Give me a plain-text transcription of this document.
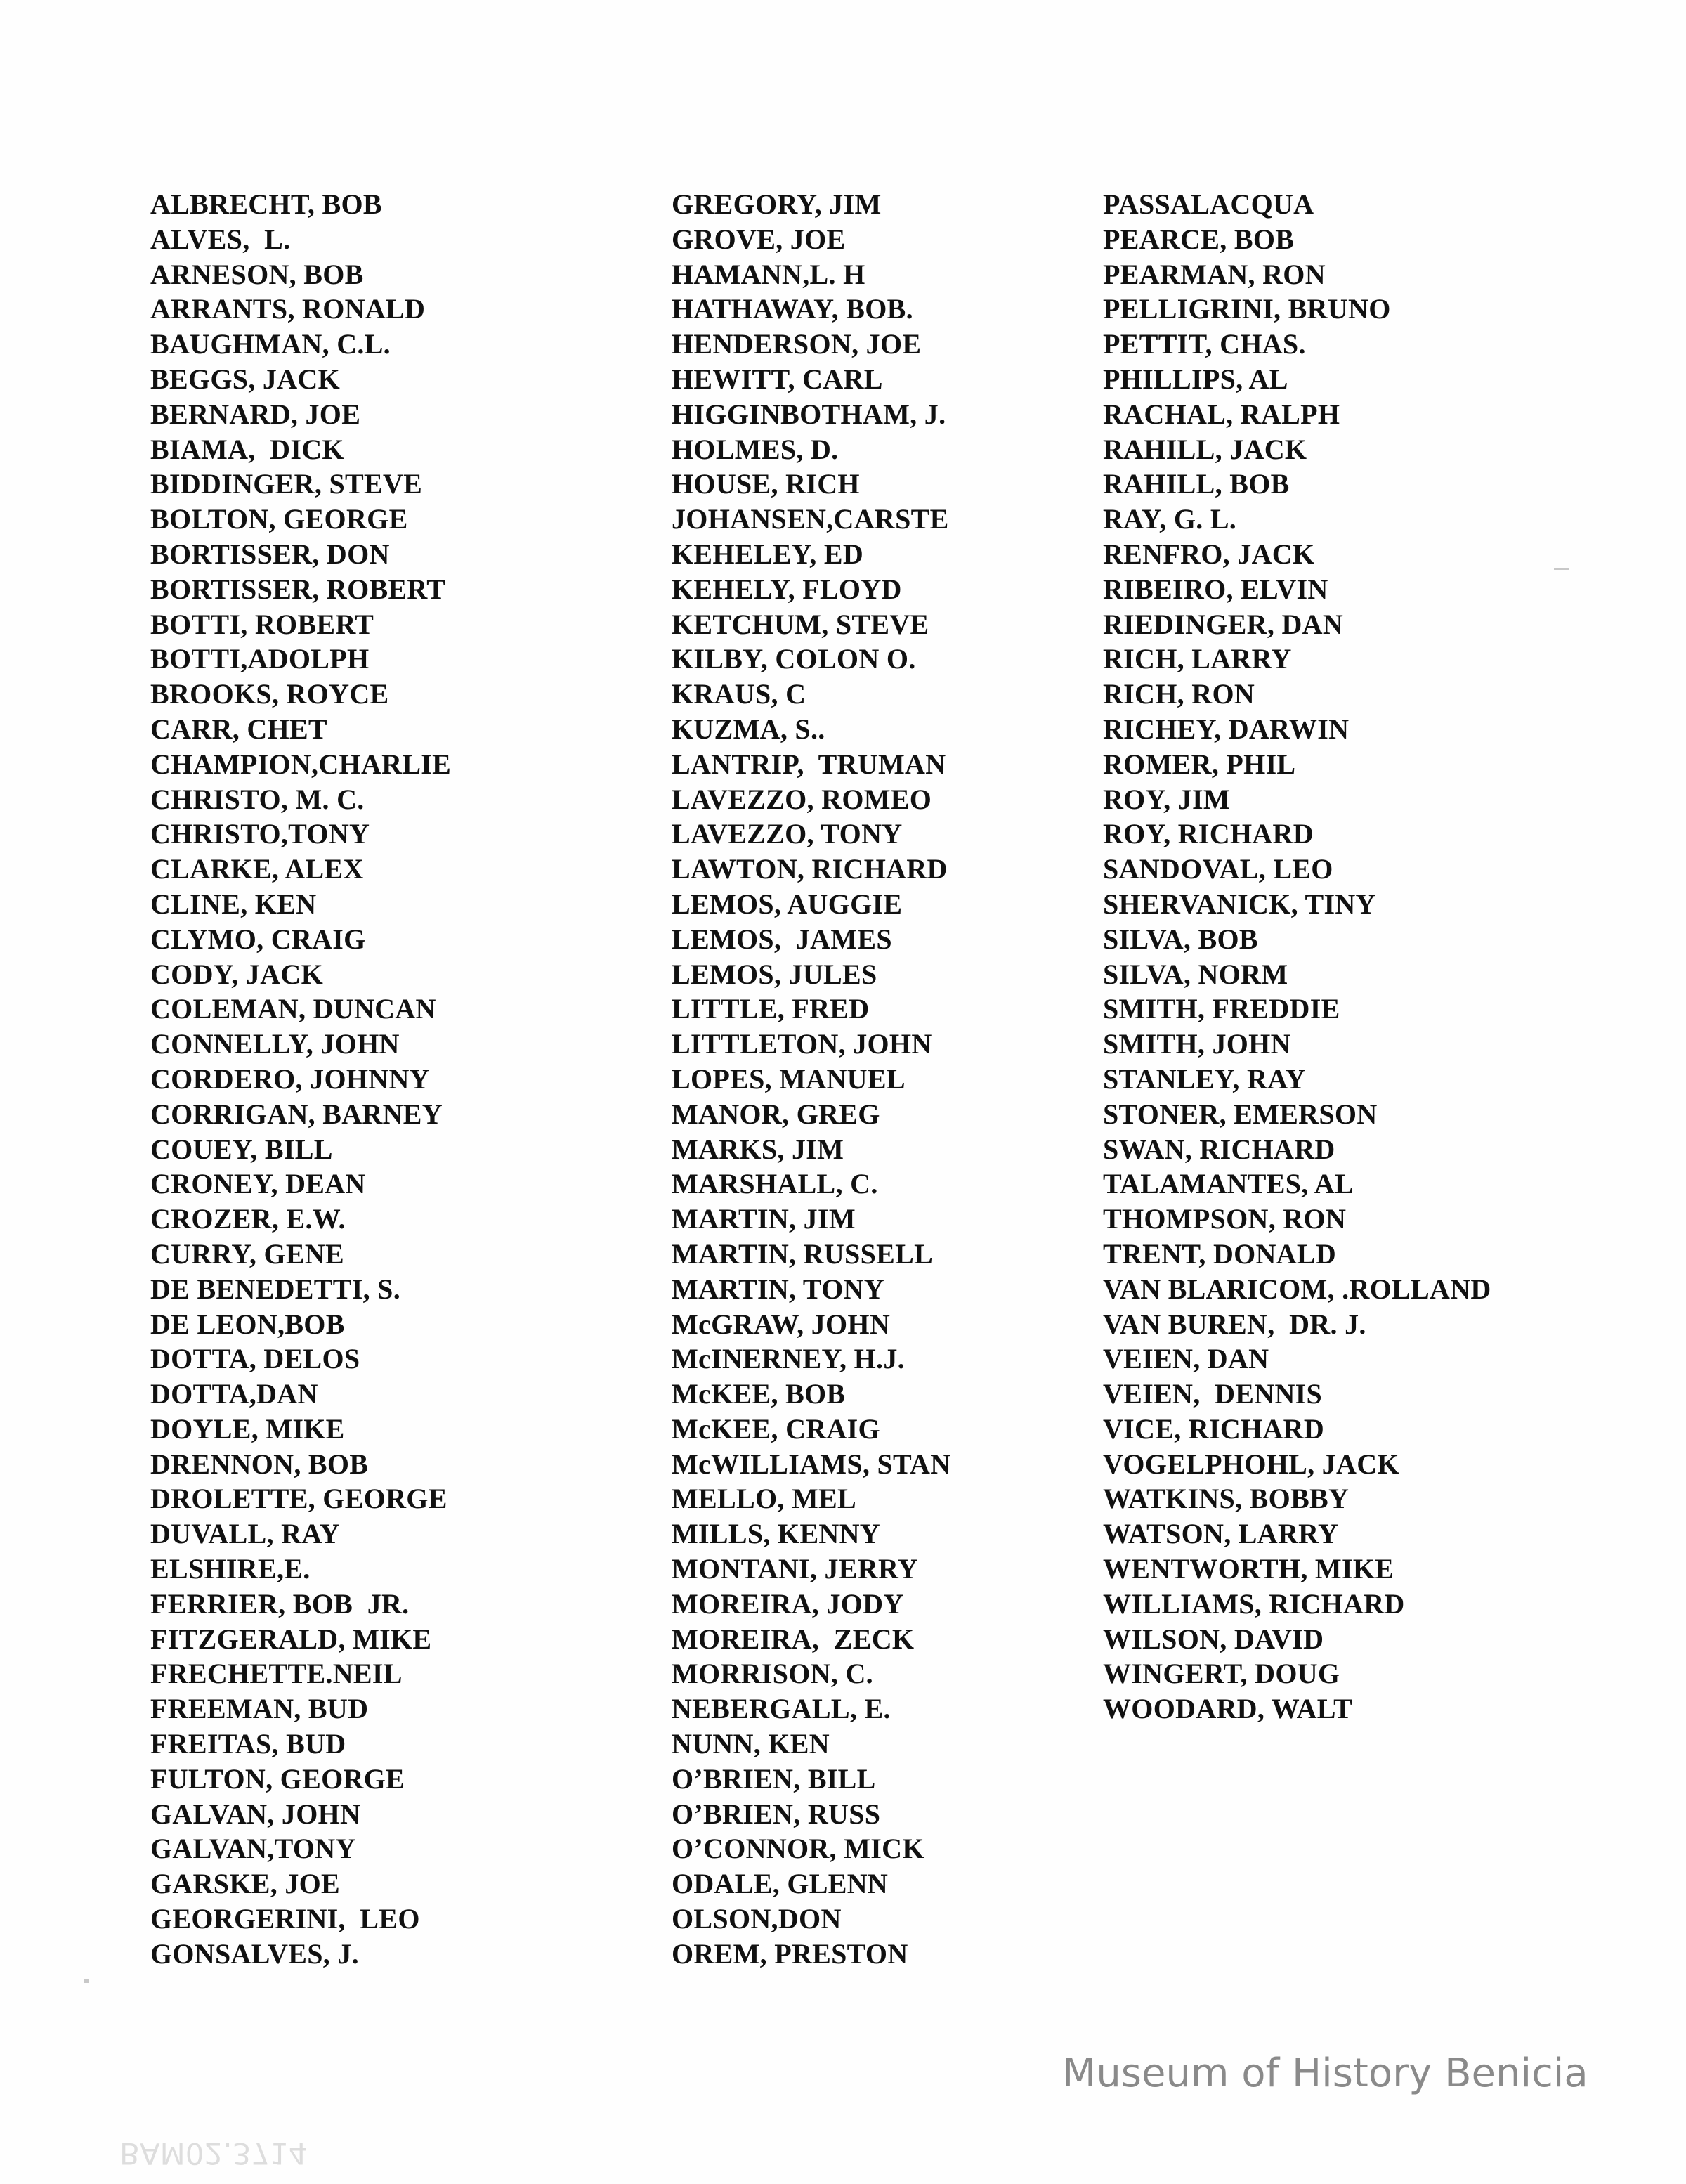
ALBRECHT, BOB
ALVES,  L.
ARNESON, BOB
ARRANTS, RONALD
BAUGHMAN, C.L.
BEGGS, JACK
BERNARD, JOE
BIAMA,  DICK
BIDDINGER, STEVE
BOLTON, GEORGE
BORTISSER, DON
BORTISSER, ROBERT
BOTTI, ROBERT
BOTTI,ADOLPH
BROOKS, ROYCE
CARR, CHET
CHAMPION,CHARLIE
CHRISTO, M. C.
CHRISTO,TONY
CLARKE, ALEX
CLINE, KEN
CLYMO, CRAIG
CODY, JACK
COLEMAN, DUNCAN
CONNELLY, JOHN
CORDERO, JOHNNY
CORRIGAN, BARNEY
COUEY, BILL
CRONEY, DEAN
CROZER, E.W.
CURRY, GENE
DE BENEDETTI, S.
DE LEON,BOB
DOTTA, DELOS
DOTTA,DAN
DOYLE, MIKE
DRENNON, BOB
DROLETTE, GEORGE
DUVALL, RAY
ELSHIRE,E.
FERRIER, BOB  JR.
FITZGERALD, MIKE
FRECHETTE.NEIL
FREEMAN, BUD
FREITAS, BUD
FULTON, GEORGE
GALVAN, JOHN
GALVAN,TONY
GARSKE, JOE
GEORGERINI,  LEO
GONSALVES, J.
GREGORY, JIM
GROVE, JOE
HAMANN,L. H
HATHAWAY, BOB.
HENDERSON, JOE
HEWITT, CARL
HIGGINBOTHAM, J.
HOLMES, D.
HOUSE, RICH
JOHANSEN,CARSTE
KEHELEY, ED
KEHELY, FLOYD
KETCHUM, STEVE
KILBY, COLON O.
KRAUS, C
KUZMA, S..
LANTRIP,  TRUMAN
LAVEZZO, ROMEO
LAVEZZO, TONY
LAWTON, RICHARD
LEMOS, AUGGIE
LEMOS,  JAMES
LEMOS, JULES
LITTLE, FRED
LITTLETON, JOHN
LOPES, MANUEL
MANOR, GREG
MARKS, JIM
MARSHALL, C.
MARTIN, JIM
MARTIN, RUSSELL
MARTIN, TONY
McGRAW, JOHN
McINERNEY, H.J.
McKEE, BOB
McKEE, CRAIG
McWILLIAMS, STAN
MELLO, MEL
MILLS, KENNY
MONTANI, JERRY
MOREIRA, JODY
MOREIRA,  ZECK
MORRISON, C.
NEBERGALL, E.
NUNN, KEN
O’BRIEN, BILL
O’BRIEN, RUSS
O’CONNOR, MICK
ODALE, GLENN
OLSON,DON
OREM, PRESTON
PASSALACQUA
PEARCE, BOB
PEARMAN, RON
PELLIGRINI, BRUNO
PETTIT, CHAS.
PHILLIPS, AL
RACHAL, RALPH
RAHILL, JACK
RAHILL, BOB
RAY, G. L.
RENFRO, JACK
RIBEIRO, ELVIN
RIEDINGER, DAN
RICH, LARRY
RICH, RON
RICHEY, DARWIN
ROMER, PHIL
ROY, JIM
ROY, RICHARD
SANDOVAL, LEO
SHERVANICK, TINY
SILVA, BOB
SILVA, NORM
SMITH, FREDDIE
SMITH, JOHN
STANLEY, RAY
STONER, EMERSON
SWAN, RICHARD
TALAMANTES, AL
THOMPSON, RON
TRENT, DONALD
VAN BLARICOM, .ROLLAND
VAN BUREN,  DR. J.
VEIEN, DAN
VEIEN,  DENNIS
VICE, RICHARD
VOGELPHOHL, JACK
WATKINS, BOBBY
WATSON, LARRY
WENTWORTH, MIKE
WILLIAMS, RICHARD
WILSON, DAVID
WINGERT, DOUG
WOODARD, WALT
BAM02.3714
Museum of History Benicia
